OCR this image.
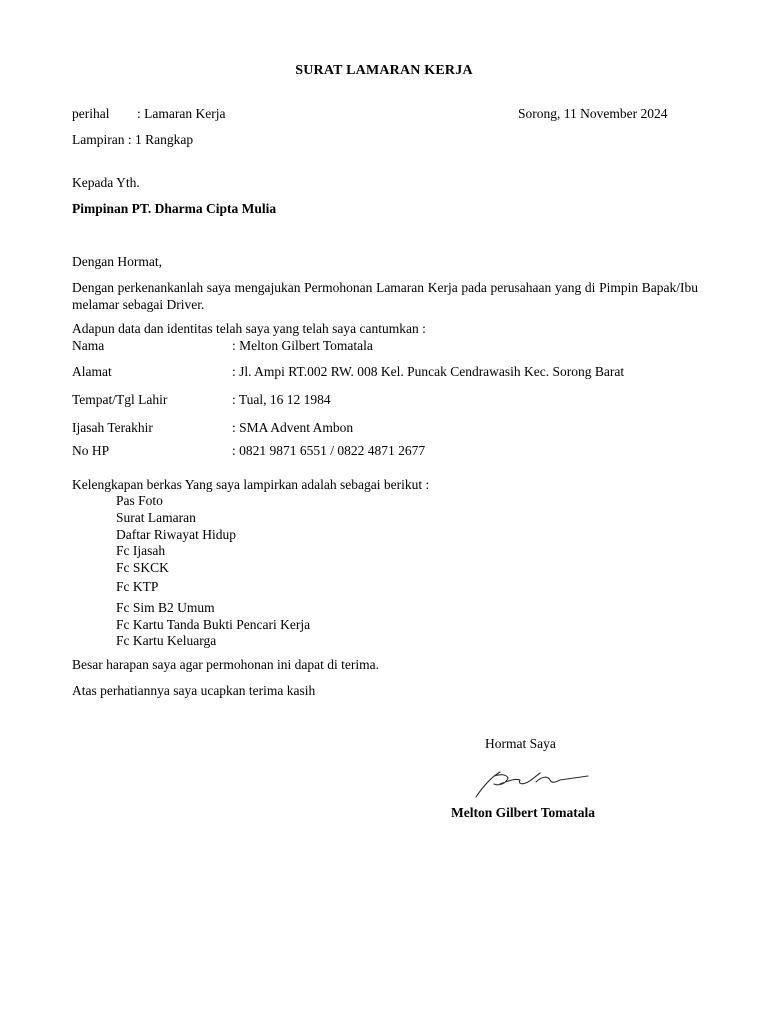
SURAT LAMARAN KERJA
perihal : Lamaran Kerja	Sorong, 11 November 2024
Lampiran : 1 Rangkap
Kepada Yth.
Pimpinan PT. Dharma Cipta Mulia
Dengan Hormat,
Dengan perkenankanlah saya mengajukan Permohonan Lamaran Kerja pada perusahaan yang di Pimpin Bapak/Ibu melamar sebagai Driver.
Adapun data dan identitas telah saya yang telah saya cantumkan :
Nama	: Melton Gilbert Tomatala
Alamat	: Jl. Ampi RT.002 RW. 008 Kel. Puncak Cendrawasih Kec. Sorong Barat
Tempat/Tgl Lahir	: Tual, 16 12 1984
Ijasah Terakhir	: SMA Advent Ambon
No HP	: 0821 9871 6551 / 0822 4871 2677
Kelengkapan berkas Yang saya lampirkan adalah sebagai berikut :
Pas Foto
Surat Lamaran
Daftar Riwayat Hidup
Fc Ijasah
Fc SKCK
Fc KTP
Fc Sim B2 Umum
Fc Kartu Tanda Bukti Pencari Kerja
Fc Kartu Keluarga
Besar harapan saya agar permohonan ini dapat di terima.
Atas perhatiannya saya ucapkan terima kasih
Hormat Saya
Melton Gilbert Tomatala
